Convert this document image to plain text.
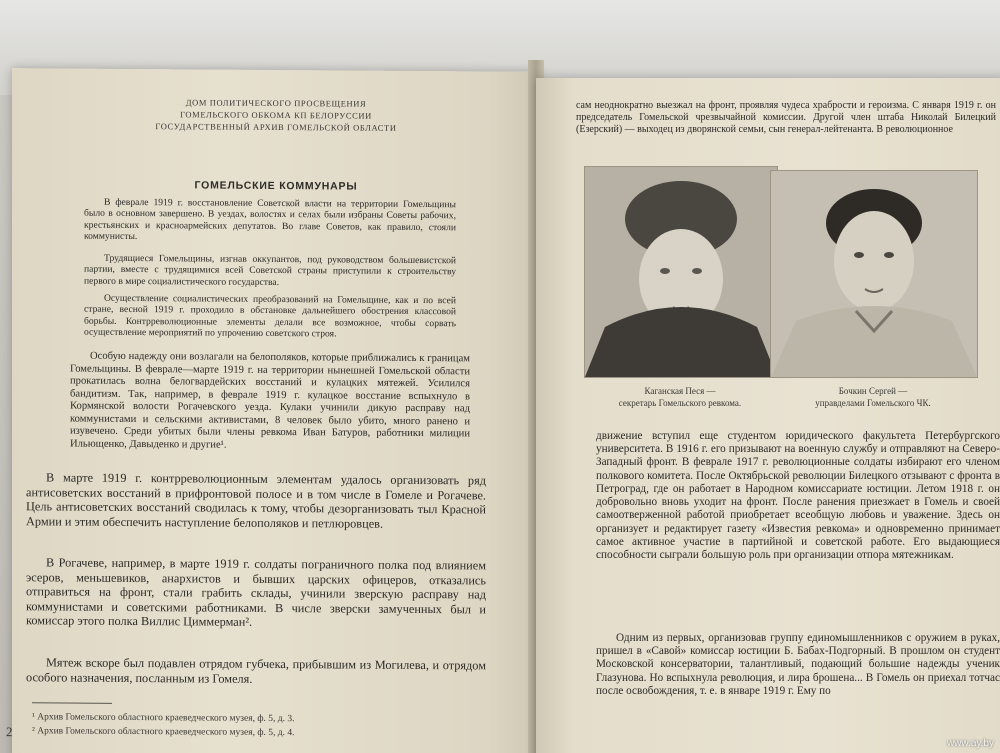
ДОМ ПОЛИТИЧЕСКОГО ПРОСВЕЩЕНИЯ
ГОМЕЛЬСКОГО ОБКОМА КП БЕЛОРУССИИ
ГОСУДАРСТВЕННЫЙ АРХИВ ГОМЕЛЬСКОЙ ОБЛАСТИ
ГОМЕЛЬСКИЕ КОММУНАРЫ

В феврале 1919 г. восстановление Советской власти на территории Гомельщины было в основном завершено. В уездах, волостях и селах были избраны Советы рабочих, крестьянских и красноармейских депутатов. Во главе Советов, как правило, стояли коммунисты.

Трудящиеся Гомельщины, изгнав оккупантов, под руководством большевистской партии, вместе с трудящимися всей Советской страны приступили к строительству первого в мире социалистического государства.

Осуществление социалистических преобразований на Гомельщине, как и по всей стране, весной 1919 г. проходило в обстановке дальнейшего обострения классовой борьбы. Контрреволюционные элементы делали все возможное, чтобы сорвать осуществление мероприятий по упрочению советского строя.

Особую надежду они возлагали на белополяков, которые приближались к границам Гомельщины. В феврале—марте 1919 г. на территории нынешней Гомельской области прокатилась волна белогвардейских восстаний и кулацких мятежей. Усилился бандитизм. Так, например, в феврале 1919 г. кулацкое восстание вспыхнуло в Кормянской волости Рогачевского уезда. Кулаки учинили дикую расправу над коммунистами и сельскими активистами, 8 человек было убито, много ранено и изувечено. Среди убитых были члены ревкома Иван Батуров, работники милиции Ильющенко, Давыденко и другие¹.

В марте 1919 г. контрреволюционным элементам удалось организовать ряд антисоветских восстаний в прифронтовой полосе и в том числе в Гомеле и Рогачеве. Цель антисоветских восстаний сводилась к тому, чтобы дезорганизовать тыл Красной Армии и этим обеспечить наступление белополяков и петлюровцев.

В Рогачеве, например, в марте 1919 г. солдаты пограничного полка под влиянием эсеров, меньшевиков, анархистов и бывших царских офицеров, отказались отправиться на фронт, стали грабить склады, учинили зверскую расправу над коммунистами и советскими работниками. В числе зверски замученных был и комиссар этого полка Виллис Циммерман².

Мятеж вскоре был подавлен отрядом губчека, прибывшим из Могилева, и отрядом особого назначения, посланным из Гомеля.

¹ Архив Гомельского областного краеведческого музея, ф. 5, д. 3.
² Архив Гомельского областного краеведческого музея, ф. 5, д. 4.
2

сам неоднократно выезжал на фронт, проявляя чудеса храбрости и героизма. С января 1919 г. он председатель Гомельской чрезвычайной комиссии. Другой член штаба Николай Билецкий (Езерский) — выходец из дворянской семьи, сын генерал-лейтенанта. В революционное

Каганская Песя —
секретарь Гомельского ревкома.
Бочкин Сергей —
управделами Гомельского ЧК.

движение вступил еще студентом юридического факультета Петербургского университета. В 1916 г. его призывают на военную службу и отправляют на Северо-Западный фронт. В феврале 1917 г. революционные солдаты избирают его членом полкового комитета. После Октябрьской революции Билецкого отзывают с фронта в Петроград, где он работает в Народном комиссариате юстиции. Летом 1918 г. он добровольно вновь уходит на фронт. После ранения приезжает в Гомель и своей самоотверженной работой приобретает всеобщую любовь и уважение. Здесь он организует и редактирует газету «Известия ревкома» и одновременно принимает самое активное участие в партийной и советской работе. Его выдающиеся способности сыграли большую роль при организации отпора мятежникам.

Одним из первых, организовав группу единомышленников с оружием в руках, пришел в «Савой» комиссар юстиции Б. Бабах-Подгорный. В прошлом он студент Московской консерватории, талантливый, подающий большие надежды ученик Глазунова. Но вспыхнула революция, и лира брошена... В Гомель он приехал тотчас после освобождения, т. е. в январе 1919 г. Ему по

www.ay.by
